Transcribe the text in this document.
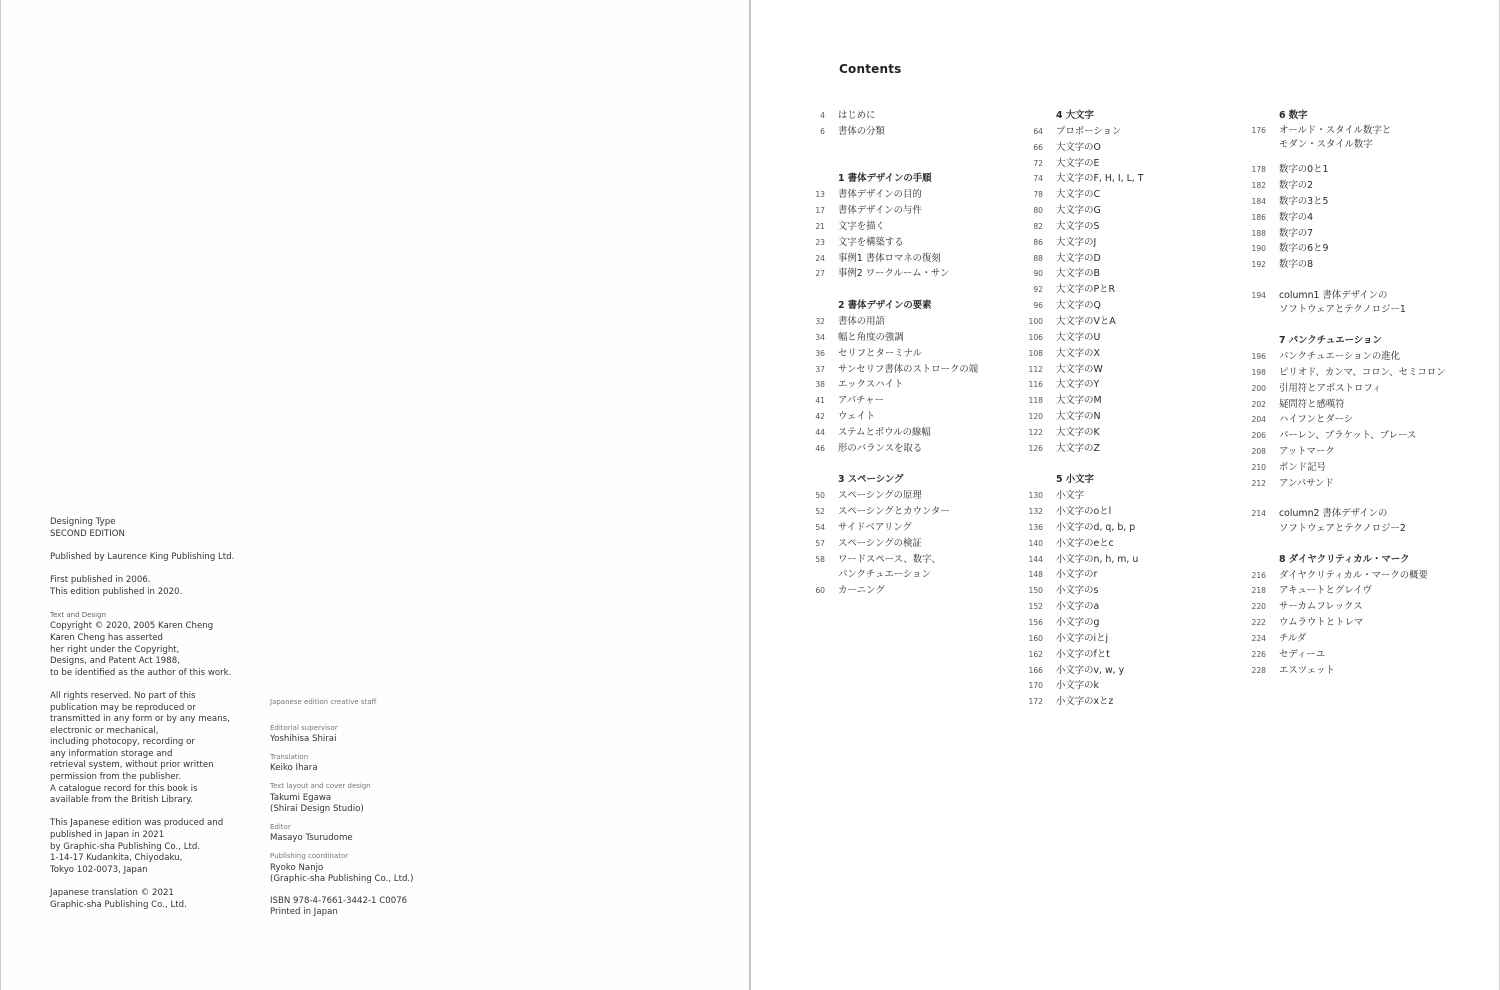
Designing Type
SECOND EDITION
Published by Laurence King Publishing Ltd.
First published in 2006.
This edition published in 2020.
Text and Design
Copyright © 2020, 2005 Karen Cheng
Karen Cheng has asserted
her right under the Copyright,
Designs, and Patent Act 1988,
to be identified as the author of this work.
All rights reserved. No part of this
publication may be reproduced or
transmitted in any form or by any means,
electronic or mechanical,
including photocopy, recording or
any information storage and
retrieval system, without prior written
permission from the publisher.
A catalogue record for this book is
available from the British Library.
This Japanese edition was produced and
published in Japan in 2021
by Graphic-sha Publishing Co., Ltd.
1-14-17 Kudankita, Chiyodaku,
Tokyo 102-0073, Japan
Japanese translation © 2021
Graphic-sha Publishing Co., Ltd.
Japanese edition creative staff
Editorial supervisor
Yoshihisa Shirai
Translation
Keiko Ihara
Text layout and cover design
Takumi Egawa
(Shirai Design Studio)
Editor
Masayo Tsurudome
Publishing coordinator
Ryoko Nanjo
(Graphic-sha Publishing Co., Ltd.)
ISBN 978-4-7661-3442-1 C0076
Printed in Japan
Contents
4 はじめに
6 書体の分類
1 書体デザインの手順
13 書体デザインの目的
17 書体デザインの与件
21 文字を描く
23 文字を構築する
24 事例1 書体ロマネの復刻
27 事例2 ワークルーム・サン
2 書体デザインの要素
32 書体の用語
34 幅と角度の強調
36 セリフとターミナル
37 サンセリフ書体のストロークの端
38 エックスハイト
41 アパチャー
42 ウェイト
44 ステムとボウルの線幅
46 形のバランスを取る
3 スペーシング
50 スペーシングの原理
52 スペーシングとカウンター
54 サイドベアリング
57 スペーシングの検証
58 ワードスペース、数字、
パンクチュエーション
60 カーニング
4 大文字
64 プロポーション
66 大文字のO
72 大文字のE
74 大文字のF, H, I, L, T
78 大文字のC
80 大文字のG
82 大文字のS
86 大文字のJ
88 大文字のD
90 大文字のB
92 大文字のPとR
96 大文字のQ
100 大文字のVとA
106 大文字のU
108 大文字のX
112 大文字のW
116 大文字のY
118 大文字のM
120 大文字のN
122 大文字のK
126 大文字のZ
5 小文字
130 小文字
132 小文字のoとl
136 小文字のd, q, b, p
140 小文字のeとc
144 小文字のn, h, m, u
148 小文字のr
150 小文字のs
152 小文字のa
156 小文字のg
160 小文字のiとj
162 小文字のfとt
166 小文字のv, w, y
170 小文字のk
172 小文字のxとz
6 数字
176 オールド・スタイル数字と
モダン・スタイル数字
178 数字の0と1
182 数字の2
184 数字の3と5
186 数字の4
188 数字の7
190 数字の6と9
192 数字の8
194 column1 書体デザインの
ソフトウェアとテクノロジー1
7 パンクチュエーション
196 パンクチュエーションの進化
198 ピリオド、カンマ、コロン、セミコロン
200 引用符とアポストロフィ
202 疑問符と感嘆符
204 ハイフンとダーシ
206 パーレン、ブラケット、ブレース
208 アットマーク
210 ポンド記号
212 アンパサンド
214 column2 書体デザインの
ソフトウェアとテクノロジー2
8 ダイヤクリティカル・マーク
216 ダイヤクリティカル・マークの概要
218 アキュートとグレイヴ
220 サーカムフレックス
222 ウムラウトとトレマ
224 チルダ
226 セディーユ
228 エスツェット
